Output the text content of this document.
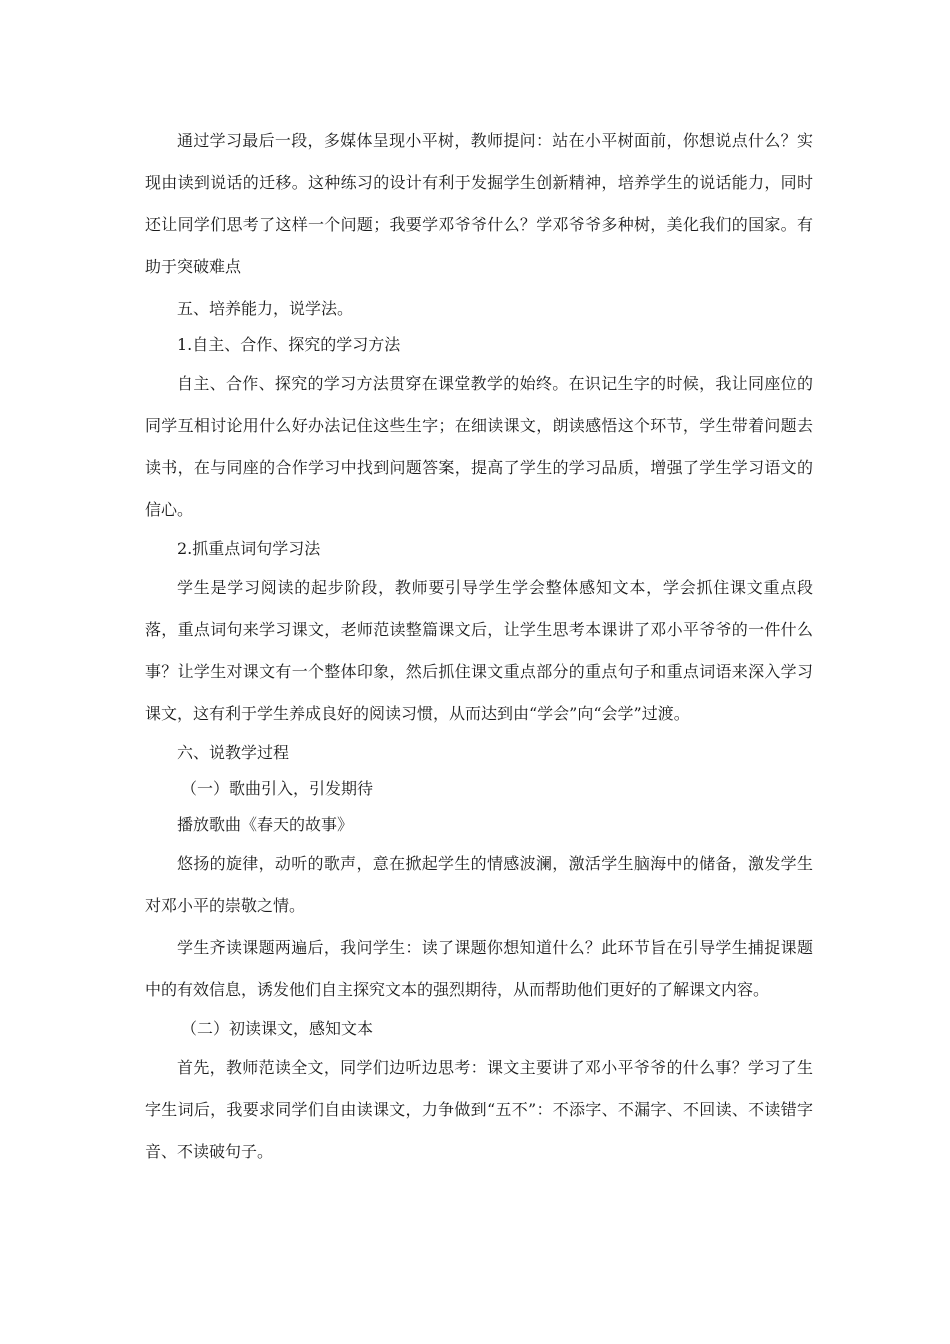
通过学习最后一段，多媒体呈现小平树，教师提问：站在小平树面前，你想说点什么？实现由读到说话的迁移。这种练习的设计有利于发掘学生创新精神，培养学生的说话能力，同时还让同学们思考了这样一个问题；我要学邓爷爷什么？学邓爷爷多种树，美化我们的国家。有助于突破难点

五、培养能力，说学法。

1.自主、合作、探究的学习方法

自主、合作、探究的学习方法贯穿在课堂教学的始终。在识记生字的时候，我让同座位的同学互相讨论用什么好办法记住这些生字；在细读课文，朗读感悟这个环节，学生带着问题去读书，在与同座的合作学习中找到问题答案，提高了学生的学习品质，增强了学生学习语文的信心。

2.抓重点词句学习法

学生是学习阅读的起步阶段，教师要引导学生学会整体感知文本，学会抓住课文重点段落，重点词句来学习课文，老师范读整篇课文后，让学生思考本课讲了邓小平爷爷的一件什么事？让学生对课文有一个整体印象，然后抓住课文重点部分的重点句子和重点词语来深入学习课文，这有利于学生养成良好的阅读习惯，从而达到由“学会”向“会学”过渡。

六、说教学过程

（一）歌曲引入，引发期待

播放歌曲《春天的故事》

悠扬的旋律，动听的歌声，意在掀起学生的情感波澜，激活学生脑海中的储备，激发学生对邓小平的崇敬之情。

学生齐读课题两遍后，我问学生：读了课题你想知道什么？此环节旨在引导学生捕捉课题中的有效信息，诱发他们自主探究文本的强烈期待，从而帮助他们更好的了解课文内容。

（二）初读课文，感知文本

首先，教师范读全文，同学们边听边思考：课文主要讲了邓小平爷爷的什么事？学习了生字生词后，我要求同学们自由读课文，力争做到“五不”：不添字、不漏字、不回读、不读错字音、不读破句子。
